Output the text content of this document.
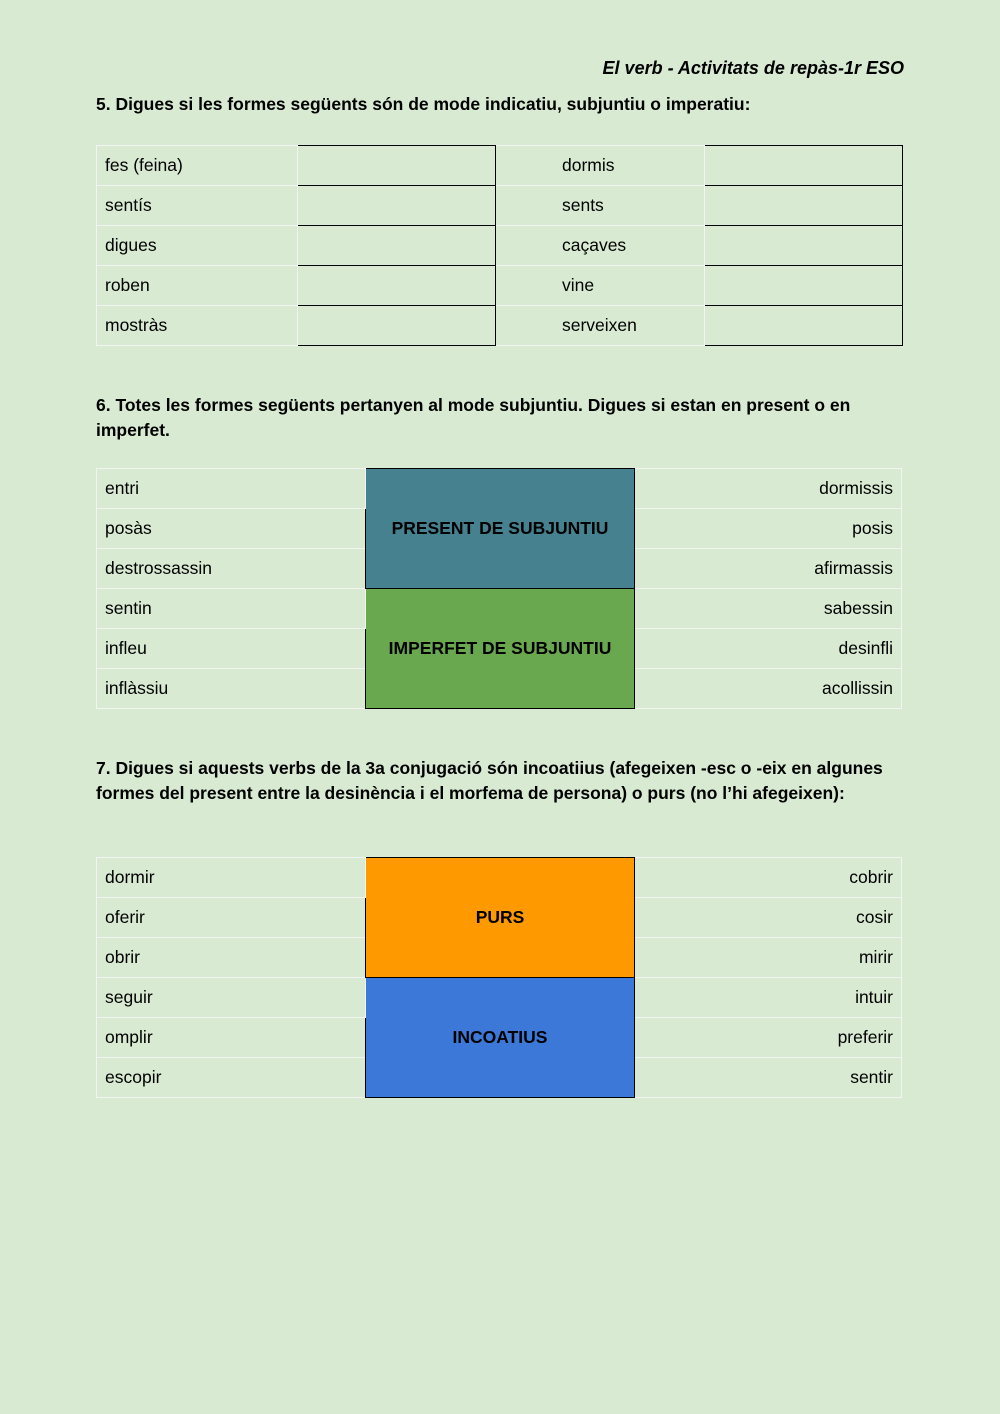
El verb - Activitats de repàs-1r ESO
5. Digues si les formes següents són de mode indicatiu, subjuntiu o imperatiu:
fes (feina)		dormis	
sentís		sents	
digues		caçaves	
roben		vine	
mostràs		serveixen	
6. Totes les formes següents pertanyen al mode subjuntiu. Digues si estan en present o en imperfet.
entri	PRESENT DE SUBJUNTIU	dormissis
posàs		posis
destrossassin		afirmassis
sentin	IMPERFET DE SUBJUNTIU	sabessin
infleu		desinfli
inflàssiu		acollissin
7. Digues si aquests verbs de la 3a conjugació són incoatiius (afegeixen -esc o -eix en algunes formes del present entre la desinència i el morfema de persona) o purs (no l’hi afegeixen):
dormir	PURS	cobrir
oferir		cosir
obrir		mirir
seguir	INCOATIUS	intuir
omplir		preferir
escopir		sentir
